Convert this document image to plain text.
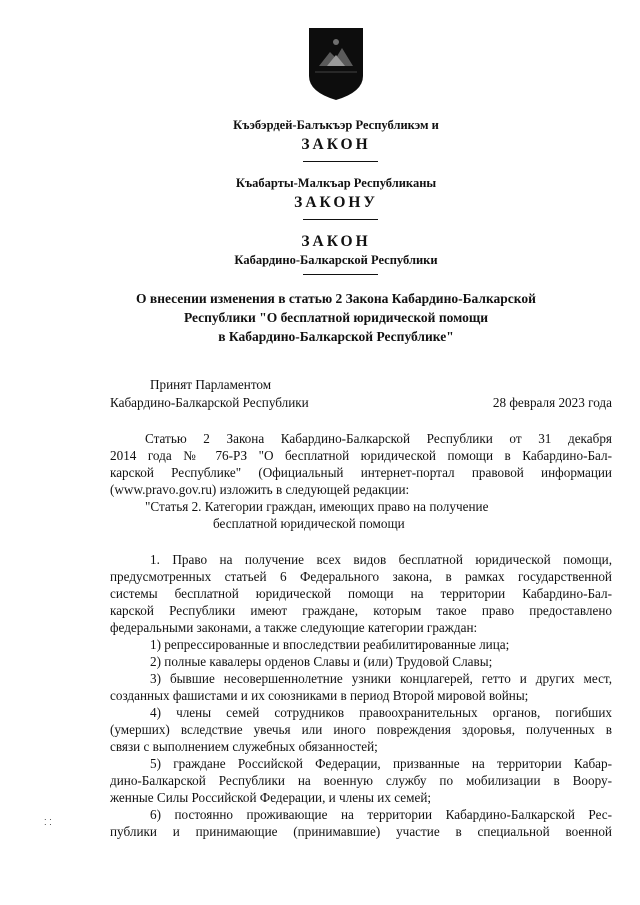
Къэбэрдей-Балъкъэр Республикэм и
ЗАКОН
Къабарты-Малкъар Республиканы
ЗАКОНУ
ЗАКОН
Кабардино-Балкарской Республики
О внесении изменения в статью 2 Закона Кабардино-Балкарской
Республики "О бесплатной юридической помощи
в Кабардино-Балкарской Республике"
Принят Парламентом
Кабардино-Балкарской Республики	28 февраля 2023 года
Статью 2 Закона Кабардино-Балкарской Республики от 31 декабря
2014 года № 76-РЗ "О бесплатной юридической помощи в Кабардино-Бал-
карской Республике" (Официальный интернет-портал правовой информации
(www.pravo.gov.ru) изложить в следующей редакции:
"Статья 2. Категории граждан, имеющих право на получение
бесплатной юридической помощи
1. Право на получение всех видов бесплатной юридической помощи,
предусмотренных статьей 6 Федерального закона, в рамках государственной
системы бесплатной юридической помощи на территории Кабардино-Бал-
карской Республики имеют граждане, которым такое право предоставлено
федеральными законами, а также следующие категории граждан:
1) репрессированные и впоследствии реабилитированные лица;
2) полные кавалеры орденов Славы и (или) Трудовой Славы;
3) бывшие несовершеннолетние узники концлагерей, гетто и других мест,
созданных фашистами и их союзниками в период Второй мировой войны;
4) члены семей сотрудников правоохранительных органов, погибших
(умерших) вследствие увечья или иного повреждения здоровья, полученных в
связи с выполнением служебных обязанностей;
5) граждане Российской Федерации, призванные на территории Кабар-
дино-Балкарской Республики на военную службу по мобилизации в Воору-
женные Силы Российской Федерации, и члены их семей;
6) постоянно проживающие на территории Кабардино-Балкарской Рес-
публики и принимающие (принимавшие) участие в специальной военной
⁚ ⁚
